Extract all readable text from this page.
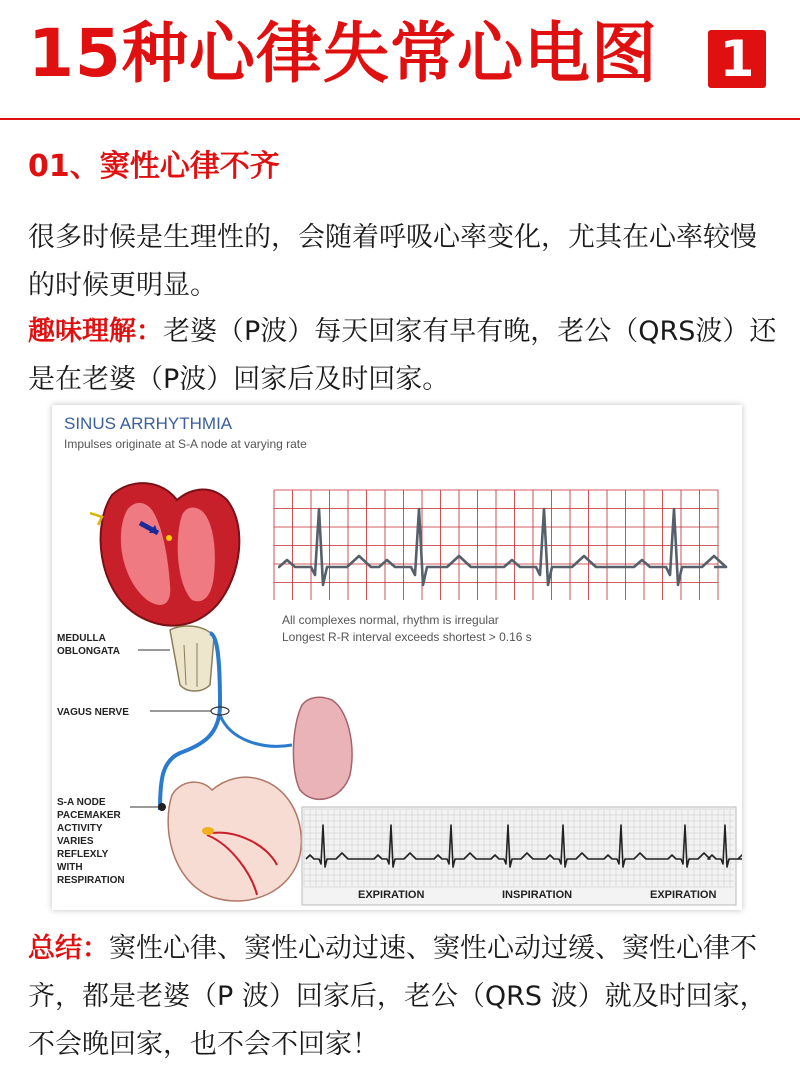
15种心律失常心电图 1
01、窦性心律不齐
很多时候是生理性的，会随着呼吸心率变化，尤其在心率较慢的时候更明显。
趣味理解：老婆（P波）每天回家有早有晚，老公（QRS波）还是在老婆（P波）回家后及时回家。
SINUS ARRHYTHMIA
Impulses originate at S-A node at varying rate
All complexes normal, rhythm is irregular
Longest R-R interval exceeds shortest > 0.16 s
MEDULLA
OBLONGATA
VAGUS NERVE
S-A NODE
PACEMAKER
ACTIVITY
VARIES
REFLEXLY
WITH
RESPIRATION
EXPIRATION	INSPIRATION	EXPIRATION
总结：窦性心律、窦性心动过速、窦性心动过缓、窦性心律不齐，都是老婆（P 波）回家后，老公（QRS 波）就及时回家，不会晚回家，也不会不回家！
